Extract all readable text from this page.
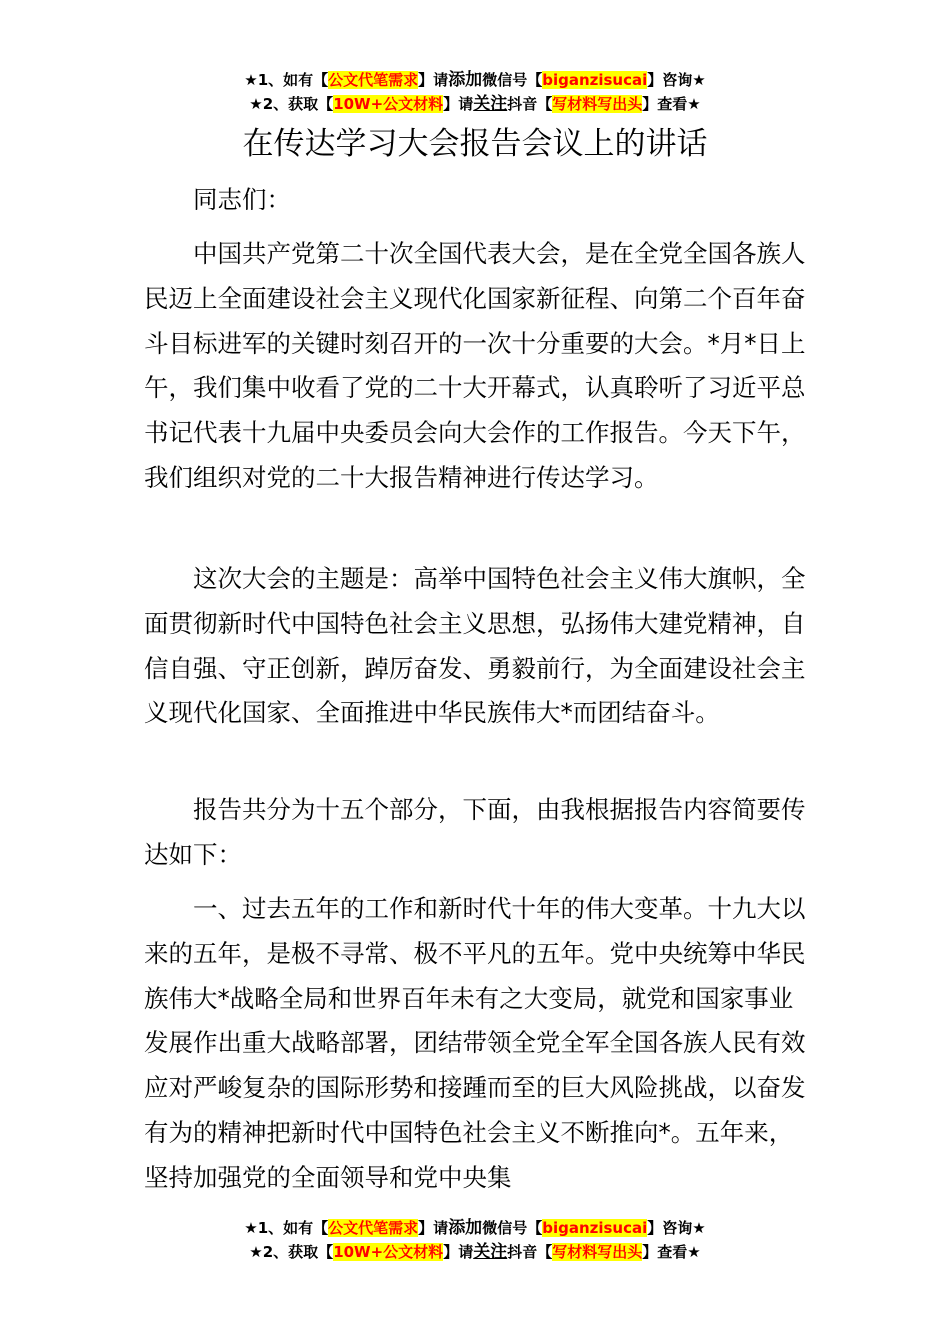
★1、如有【公文代笔需求】请添加微信号【biganzisucai】咨询★
★2、获取【10W+公文材料】请关注抖音【写材料写出头】查看★
在传达学习大会报告会议上的讲话

同志们：

中国共产党第二十次全国代表大会，是在全党全国各族人民迈上全面建设社会主义现代化国家新征程、向第二个百年奋斗目标进军的关键时刻召开的一次十分重要的大会。*月*日上午，我们集中收看了党的二十大开幕式，认真聆听了习近平总书记代表十九届中央委员会向大会作的工作报告。今天下午，我们组织对党的二十大报告精神进行传达学习。

这次大会的主题是：高举中国特色社会主义伟大旗帜，全面贯彻新时代中国特色社会主义思想，弘扬伟大建党精神，自信自强、守正创新，踔厉奋发、勇毅前行，为全面建设社会主义现代化国家、全面推进中华民族伟大*而团结奋斗。

报告共分为十五个部分，下面，由我根据报告内容简要传达如下：

一、过去五年的工作和新时代十年的伟大变革。十九大以来的五年，是极不寻常、极不平凡的五年。党中央统筹中华民族伟大*战略全局和世界百年未有之大变局，就党和国家事业发展作出重大战略部署，团结带领全党全军全国各族人民有效应对严峻复杂的国际形势和接踵而至的巨大风险挑战，以奋发有为的精神把新时代中国特色社会主义不断推向*。五年来，坚持加强党的全面领导和党中央集

★1、如有【公文代笔需求】请添加微信号【biganzisucai】咨询★
★2、获取【10W+公文材料】请关注抖音【写材料写出头】查看★
